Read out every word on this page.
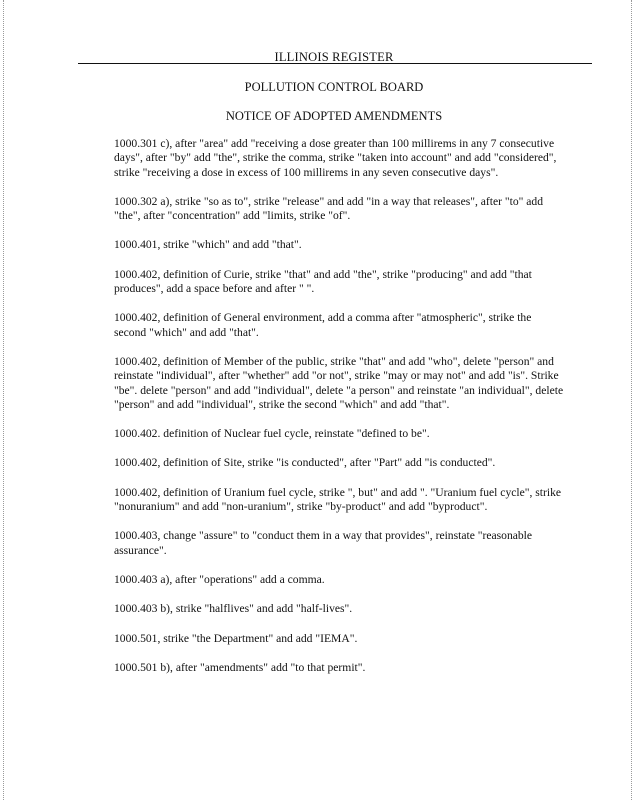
ILLINOIS REGISTER
POLLUTION CONTROL BOARD
NOTICE OF ADOPTED AMENDMENTS

1000.301 c), after "area" add "receiving a dose greater than 100 millirems in any 7 consecutive days", after "by" add "the", strike the comma, strike "taken into account" and add "considered", strike "receiving a dose in excess of 100 millirems in any seven consecutive days".

1000.302 a), strike "so as to", strike "release" and add "in a way that releases", after "to" add "the", after "concentration" add "limits, strike "of".

1000.401, strike "which" and add "that".

1000.402, definition of Curie, strike "that" and add "the", strike "producing" and add "that produces", add a space before and after " ".

1000.402, definition of General environment, add a comma after "atmospheric", strike the second "which" and add "that".

1000.402, definition of Member of the public, strike "that" and add "who", delete "person" and reinstate "individual", after "whether" add "or not", strike "may or may not" and add "is". Strike "be". delete "person" and add "individual", delete "a person" and reinstate "an individual", delete "person" and add "individual", strike the second "which" and add "that".

1000.402. definition of Nuclear fuel cycle, reinstate "defined to be".

1000.402, definition of Site, strike "is conducted", after "Part" add "is conducted".

1000.402, definition of Uranium fuel cycle, strike ", but" and add ". "Uranium fuel cycle", strike "nonuranium" and add "non-uranium", strike "by-product" and add "byproduct".

1000.403, change "assure" to "conduct them in a way that provides", reinstate "reasonable assurance".

1000.403 a), after "operations" add a comma.

1000.403 b), strike "halflives" and add "half-lives".

1000.501, strike "the Department" and add "IEMA".

1000.501 b), after "amendments" add "to that permit".
